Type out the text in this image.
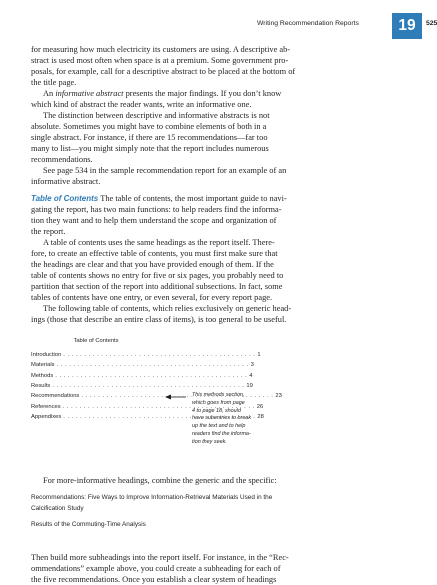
Writing Recommendation Reports	19	525

for measuring how much electricity its customers are using. A descriptive ab-
stract is used most often when space is at a premium. Some government pro-
posals, for example, call for a descriptive abstract to be placed at the bottom of
the title page.

An informative abstract presents the major findings. If you don’t know
which kind of abstract the reader wants, write an informative one.

The distinction between descriptive and informative abstracts is not
absolute. Sometimes you might have to combine elements of both in a
single abstract. For instance, if there are 15 recommendations—far too
many to list—you might simply note that the report includes numerous
recommendations.

See page 534 in the sample recommendation report for an example of an
informative abstract.

Table of Contents The table of contents, the most important guide to navi-
gating the report, has two main functions: to help readers find the informa-
tion they want and to help them understand the scope and organization of
the report.

A table of contents uses the same headings as the report itself. There-
fore, to create an effective table of contents, you must first make sure that
the headings are clear and that you have provided enough of them. If the
table of contents shows no entry for five or six pages, you probably need to
partition that section of the report into additional subsections. In fact, some
tables of contents have one entry, or even several, for every report page.

The following table of contents, which relies exclusively on generic head-
ings (those that describe an entire class of items), is too general to be useful.

Table of Contents
Introduction . . .	1
Materials . . .	3
Methods . . .	4
Results . . .	19
Recommendations . . .	23
References . . .	26
Appendixes . . .	28
This methods section,
which goes from page
4 to page 18, should
have subentries to break
up the text and to help
readers find the informa-
tion they seek.

For more-informative headings, combine the generic and the specific:

Recommendations: Five Ways to Improve Information-Retrieval Materials Used in the
Calcification Study

Results of the Commuting-Time Analysis

Then build more subheadings into the report itself. For instance, in the “Rec-
ommendations” example above, you could create a subheading for each of
the five recommendations. Once you establish a clear system of headings
